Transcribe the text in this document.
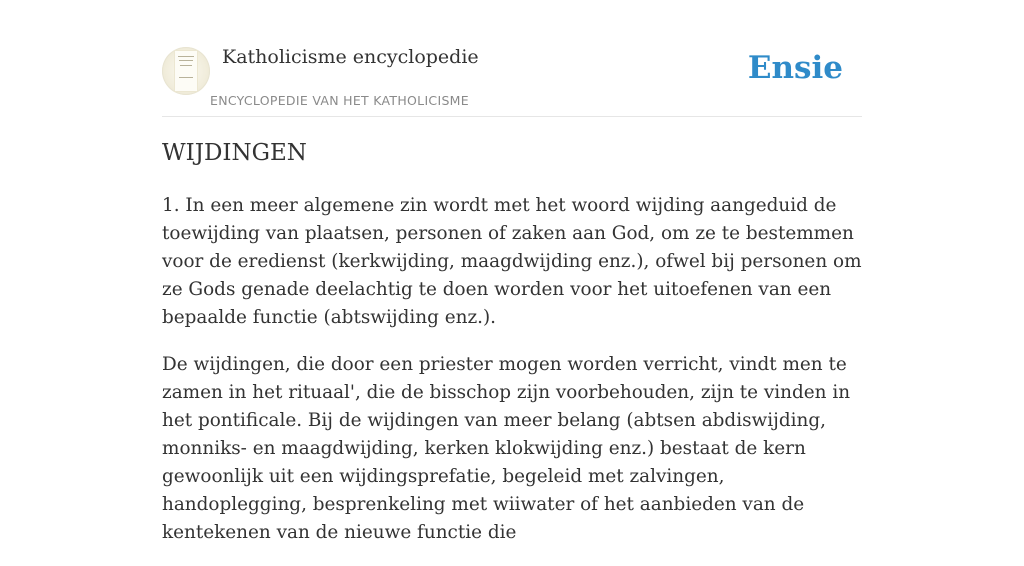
Katholicisme encyclopedie
ENCYCLOPEDIE VAN HET KATHOLICISME
Ensie
WIJDINGEN

1. In een meer algemene zin wordt met het woord wijding aangeduid de toewijding van plaatsen, personen of zaken aan God, om ze te bestemmen voor de eredienst (kerkwijding, maagdwijding enz.), ofwel bij personen om ze Gods genade deelachtig te doen worden voor het uitoefenen van een bepaalde functie (abtswijding enz.).

De wijdingen, die door een priester mogen worden verricht, vindt men te zamen in het rituaal', die de bisschop zijn voorbehouden, zijn te vinden in het pontificale. Bij de wijdingen van meer belang (abtsen abdiswijding, monniks- en maagdwijding, kerken klokwijding enz.) bestaat de kern gewoonlijk uit een wijdingsprefatie, begeleid met zalvingen, handoplegging, besprenkeling met wiiwater of het aanbieden van de kentekenen van de nieuwe functie die
